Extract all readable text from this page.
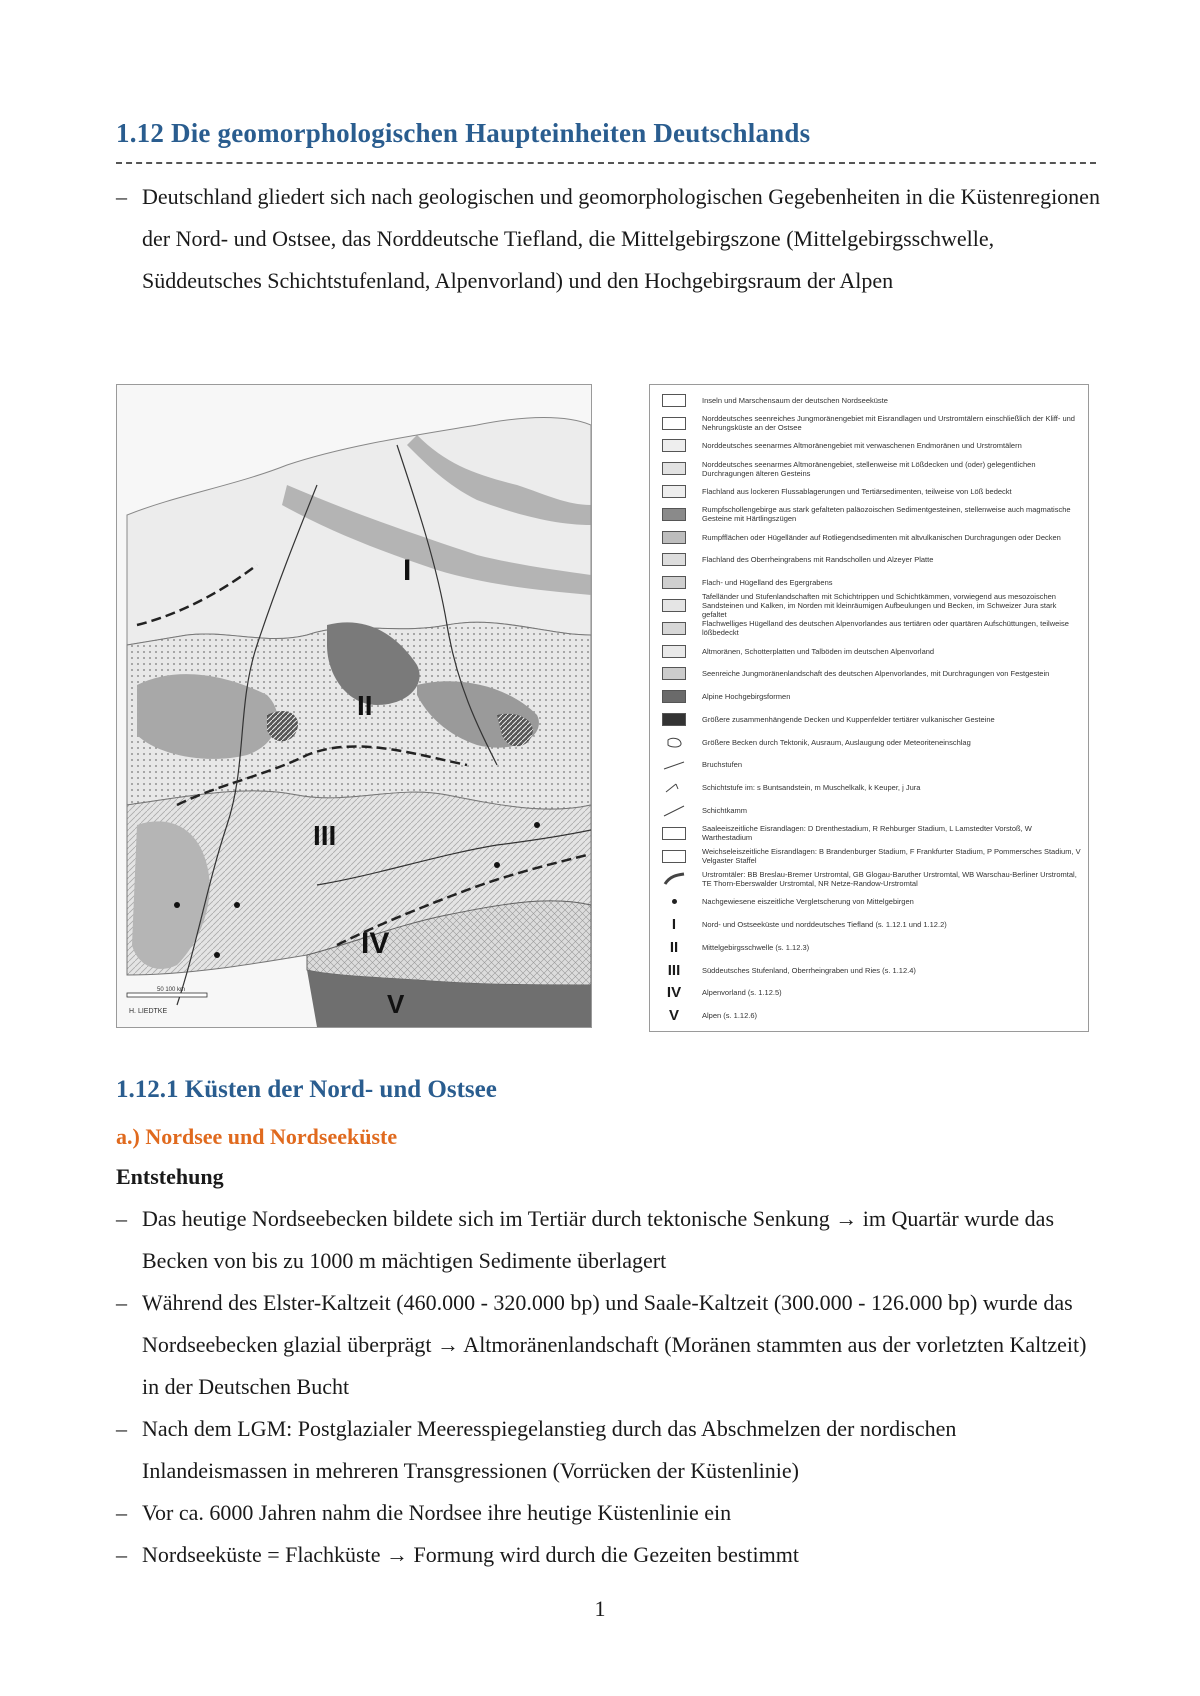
1.12 Die geomorphologischen Haupteinheiten Deutschlands
– Deutschland gliedert sich nach geologischen und geomorphologischen Gegebenheiten in die Küstenregionen der Nord- und Ostsee, das Norddeutsche Tiefland, die Mittelgebirgszone (Mittelgebirgsschwelle, Süddeutsches Schichtstufenland, Alpenvorland) und den Hochgebirgsraum der Alpen
I
II
III
IV
V
50 100 km
H. LIEDTKE
Inseln und Marschensaum der deutschen Nordseeküste
Norddeutsches seenreiches Jungmoränengebiet mit Eisrandlagen und Urstromtälern einschließlich der Kliff- und Nehrungsküste an der Ostsee
Norddeutsches seenarmes Altmoränengebiet mit verwaschenen Endmoränen und Urstromtälern
Norddeutsches seenarmes Altmoränengebiet, stellenweise mit Lößdecken und (oder) gelegentlichen Durchragungen älteren Gesteins
Flachland aus lockeren Flussablagerungen und Tertiärsedimenten, teilweise von Löß bedeckt
Rumpfschollengebirge aus stark gefalteten paläozoischen Sedimentgesteinen, stellenweise auch magmatische Gesteine mit Härtlingszügen
Rumpfflächen oder Hügelländer auf Rotliegendsedimenten mit altvulkanischen Durchragungen oder Decken
Flachland des Oberrheingrabens mit Randschollen und Alzeyer Platte
Flach- und Hügelland des Egergrabens
Tafelländer und Stufenlandschaften mit Schichtrippen und Schichtkämmen, vorwiegend aus mesozoischen Sandsteinen und Kalken, im Norden mit kleinräumigen Aufbeulungen und Becken, im Schweizer Jura stark gefaltet
Flachwelliges Hügelland des deutschen Alpenvorlandes aus tertiären oder quartären Aufschüttungen, teilweise lößbedeckt
Altmoränen, Schotterplatten und Talböden im deutschen Alpenvorland
Seenreiche Jungmoränenlandschaft des deutschen Alpenvorlandes, mit Durchragungen von Festgestein
Alpine Hochgebirgsformen
Größere zusammenhängende Decken und Kuppenfelder tertiärer vulkanischer Gesteine
Größere Becken durch Tektonik, Ausraum, Auslaugung oder Meteoriteneinschlag
Bruchstufen
Schichtstufe im: s Buntsandstein, m Muschelkalk, k Keuper, j Jura
Schichtkamm
Saaleeiszeitliche Eisrandlagen: D Drenthestadium, R Rehburger Stadium, L Lamstedter Vorstoß, W Warthestadium
Weichseleiszeitliche Eisrandlagen: B Brandenburger Stadium, F Frankfurter Stadium, P Pommersches Stadium, V Velgaster Staffel
Urstromtäler: BB Breslau-Bremer Urstromtal, GB Glogau-Baruther Urstromtal, WB Warschau-Berliner Urstromtal, TE Thorn-Eberswalder Urstromtal, NR Netze-Randow-Urstromtal
Nachgewiesene eiszeitliche Vergletscherung von Mittelgebirgen
I	Nord- und Ostseeküste und norddeutsches Tiefland (s. 1.12.1 und 1.12.2)
II	Mittelgebirgsschwelle (s. 1.12.3)
III	Süddeutsches Stufenland, Oberrheingraben und Ries (s. 1.12.4)
IV	Alpenvorland (s. 1.12.5)
V	Alpen (s. 1.12.6)
1.12.1 Küsten der Nord- und Ostsee
a.) Nordsee und Nordseeküste
Entstehung
– Das heutige Nordseebecken bildete sich im Tertiär durch tektonische Senkung → im Quartär wurde das Becken von bis zu 1000 m mächtigen Sedimente überlagert
– Während des Elster-Kaltzeit (460.000 - 320.000 bp) und Saale-Kaltzeit (300.000 - 126.000 bp) wurde das Nordseebecken glazial überprägt → Altmoränenlandschaft (Moränen stammten aus der vorletzten Kaltzeit) in der Deutschen Bucht
– Nach dem LGM: Postglazialer Meeresspiegelanstieg durch das Abschmelzen der nordischen Inlandeismassen in mehreren Transgressionen (Vorrücken der Küstenlinie)
– Vor ca. 6000 Jahren nahm die Nordsee ihre heutige Küstenlinie ein
– Nordseeküste = Flachküste → Formung wird durch die Gezeiten bestimmt
1
